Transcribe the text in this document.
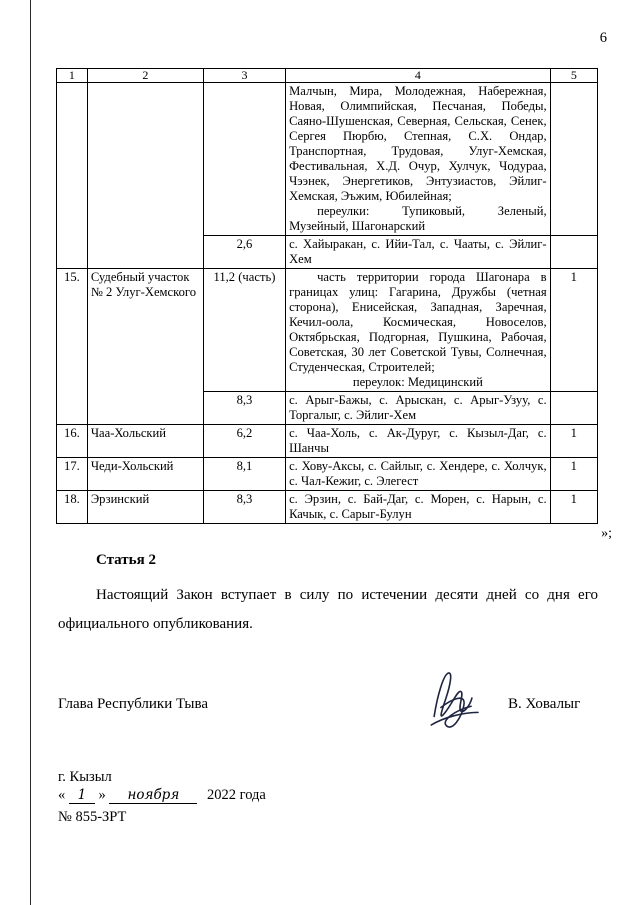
6
1	2	3	4	5

			Малчын, Мира, Молодежная, Набережная, Новая, Олимпийская, Песчаная, Победы, Саяно-Шушенская, Северная, Сельская, Сенек, Сергея Пюрбю, Степная, С.Х. Ондар, Транспортная, Трудовая, Улуг-Хемская, Фестивальная, Х.Д. Очур, Хулчук, Чодураа, Чээнек, Энергетиков, Энтузиастов, Эйлиг-Хемская, Эъжим, Юбилейная;
переулки: Тупиковый, Зеленый, Музейный, Шагонарский	

		2,6	с. Хайыракан, с. Ийи-Тал, с. Чааты, с. Эйлиг-Хем	
15.	Судебный участок № 2 Улуг-Хемского	11,2 (часть)	часть территории города Шагонара в границах улиц: Гагарина, Дружбы (четная сторона), Енисейская, Западная, Заречная, Кечил-оола, Космическая, Новоселов, Октябрьская, Подгорная, Пушкина, Рабочая, Советская, 30 лет Советской Тувы, Солнечная, Студенческая, Строителей;
переулок: Медицинский	1
		8,3	с. Арыг-Бажы, с. Арыскан, с. Арыг-Узуу, с. Торгалыг, с. Эйлиг-Хем	
16.	Чаа-Хольский	6,2	с. Чаа-Холь, с. Ак-Дуруг, с. Кызыл-Даг, с. Шанчы	1
17.	Чеди-Хольский	8,1	с. Хову-Аксы, с. Сайлыг, с. Хендере, с. Холчук, с. Чал-Кежиг, с. Элегест	1
18.	Эрзинский	8,3	с. Эрзин, с. Бай-Даг, с. Морен, с. Нарын, с. Качык, с. Сарыг-Булун	1
»;
Статья 2

Настоящий Закон вступает в силу по истечении десяти дней со дня его официального опубликования.

Глава Республики Тыва	В. Ховалыг
г. Кызыл
« 1 » ноября 2022 года
№ 855-ЗРТ
